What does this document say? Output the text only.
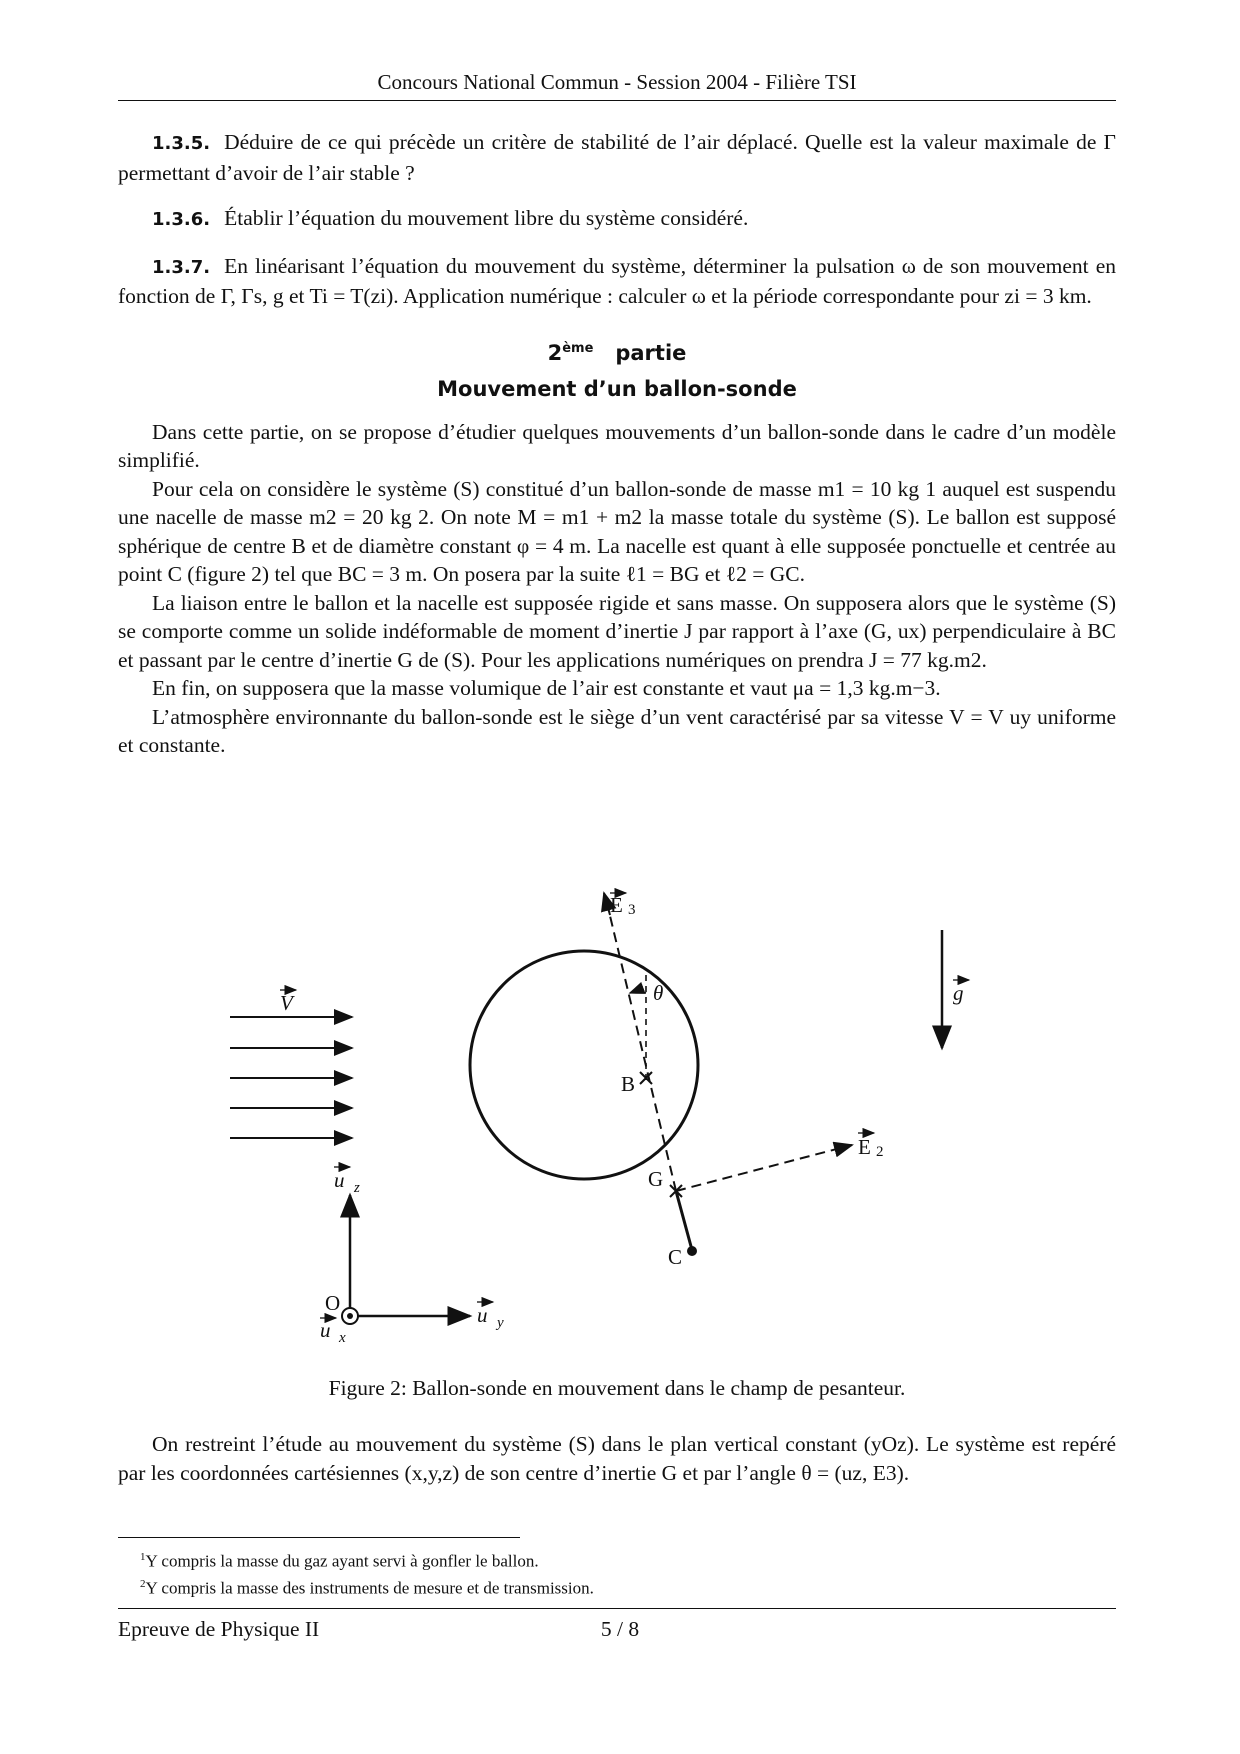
Concours National Commun - Session 2004 - Filière TSI

1.3.5. Déduire de ce qui précède un critère de stabilité de l’air déplacé. Quelle est la valeur maximale de Γ permettant d’avoir de l’air stable ?

1.3.6. Établir l’équation du mouvement libre du système considéré.

1.3.7. En linéarisant l’équation du mouvement du système, déterminer la pulsation ω de son mouvement en fonction de Γ, Γs, g et Ti = T(zi). Application numérique : calculer ω et la période correspondante pour zi = 3 km.

2ème partie
Mouvement d’un ballon-sonde

Dans cette partie, on se propose d’étudier quelques mouvements d’un ballon-sonde dans le cadre d’un modèle simplifié.

Pour cela on considère le système (S) constitué d’un ballon-sonde de masse m1 = 10 kg 1 auquel est suspendu une nacelle de masse m2 = 20 kg 2. On note M = m1 + m2 la masse totale du système (S). Le ballon est supposé sphérique de centre B et de diamètre constant φ = 4 m. La nacelle est quant à elle supposée ponctuelle et centrée au point C (figure 2) tel que BC = 3 m. On posera par la suite ℓ1 = BG et ℓ2 = GC.

La liaison entre le ballon et la nacelle est supposée rigide et sans masse. On supposera alors que le système (S) se comporte comme un solide indéformable de moment d’inertie J par rapport à l’axe (G, ux) perpendiculaire à BC et passant par le centre d’inertie G de (S). Pour les applications numériques on prendra J = 77 kg.m2.

En fin, on supposera que la masse volumique de l’air est constante et vaut μa = 1,3 kg.m−3.

L’atmosphère environnante du ballon-sonde est le siège d’un vent caractérisé par sa vitesse V = V uy uniforme et constante.

V	g
E 3
θ
B
G
E 2
C
u z
u y
O
u x
Figure 2: Ballon-sonde en mouvement dans le champ de pesanteur.
On restreint l’étude au mouvement du système (S) dans le plan vertical constant (yOz). Le système est repéré par les coordonnées cartésiennes (x,y,z) de son centre d’inertie G et par l’angle θ = (uz, E3).
$^1$Y compris la masse du gaz ayant servi à gonfler le ballon.
$^2$Y compris la masse des instruments de mesure et de transmission.
Epreuve de Physique II	5 / 8
